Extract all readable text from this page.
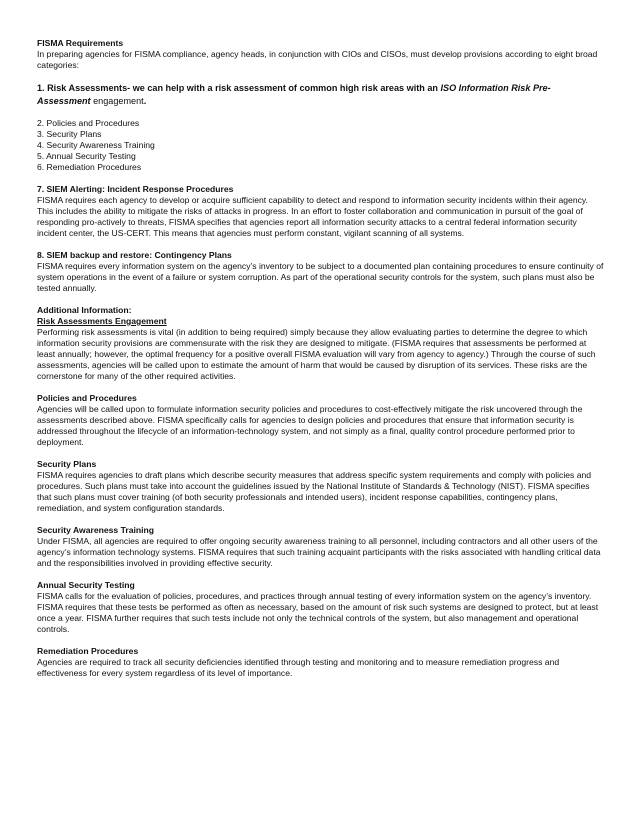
FISMA Requirements

In preparing agencies for FISMA compliance, agency heads, in conjunction with CIOs and CISOs, must develop provisions according to eight broad categories:

1. Risk Assessments- we can help with a risk assessment of common high risk areas with an ISO Information Risk Pre-Assessment engagement.
2. Policies and Procedures
3. Security Plans
4. Security Awareness Training
5. Annual Security Testing
6. Remediation Procedures
7. SIEM Alerting: Incident Response Procedures

FISMA requires each agency to develop or acquire sufficient capability to detect and respond to information security incidents within their agency. This includes the ability to mitigate the risks of attacks in progress. In an effort to foster collaboration and communication in pursuit of the goal of responding pro-actively to threats, FISMA specifies that agencies report all information security attacks to a central federal information security incident center, the US-CERT. This means that agencies must perform constant, vigilant scanning of all systems.

8. SIEM backup and restore: Contingency Plans

FISMA requires every information system on the agency’s inventory to be subject to a documented plan containing procedures to ensure continuity of system operations in the event of a failure or system corruption. As part of the operational security controls for the system, such plans must also be tested annually.

Additional Information:
Risk Assessments Engagement

Performing risk assessments is vital (in addition to being required) simply because they allow evaluating parties to determine the degree to which information security provisions are commensurate with the risk they are designed to mitigate. (FISMA requires that assessments be performed at least annually; however, the optimal frequency for a positive overall FISMA evaluation will vary from agency to agency.) Through the course of such assessments, agencies will be called upon to estimate the amount of harm that would be caused by disruption of its services. These risks are the cornerstone for many of the other required activities.

Policies and Procedures

Agencies will be called upon to formulate information security policies and procedures to cost-effectively mitigate the risk uncovered through the assessments described above. FISMA specifically calls for agencies to design policies and procedures that ensure that information security is addressed throughout the lifecycle of an information-technology system, and not simply as a final, quality control procedure performed prior to deployment.

Security Plans

FISMA requires agencies to draft plans which describe security measures that address specific system requirements and comply with policies and procedures. Such plans must take into account the guidelines issued by the National Institute of Standards & Technology (NIST). FISMA specifies that such plans must cover training (of both security professionals and intended users), incident response capabilities, contingency plans, remediation, and system configuration standards.

Security Awareness Training

Under FISMA, all agencies are required to offer ongoing security awareness training to all personnel, including contractors and all other users of the agency’s information technology systems. FISMA requires that such training acquaint participants with the risks associated with handling critical data and the responsibilities involved in providing effective security.

Annual Security Testing

FISMA calls for the evaluation of policies, procedures, and practices through annual testing of every information system on the agency’s inventory. FISMA requires that these tests be performed as often as necessary, based on the amount of risk such systems are designed to protect, but at least once a year. FISMA further requires that such tests include not only the technical controls of the system, but also management and operational controls.

Remediation Procedures

Agencies are required to track all security deficiencies identified through testing and monitoring and to measure remediation progress and effectiveness for every system regardless of its level of importance.
